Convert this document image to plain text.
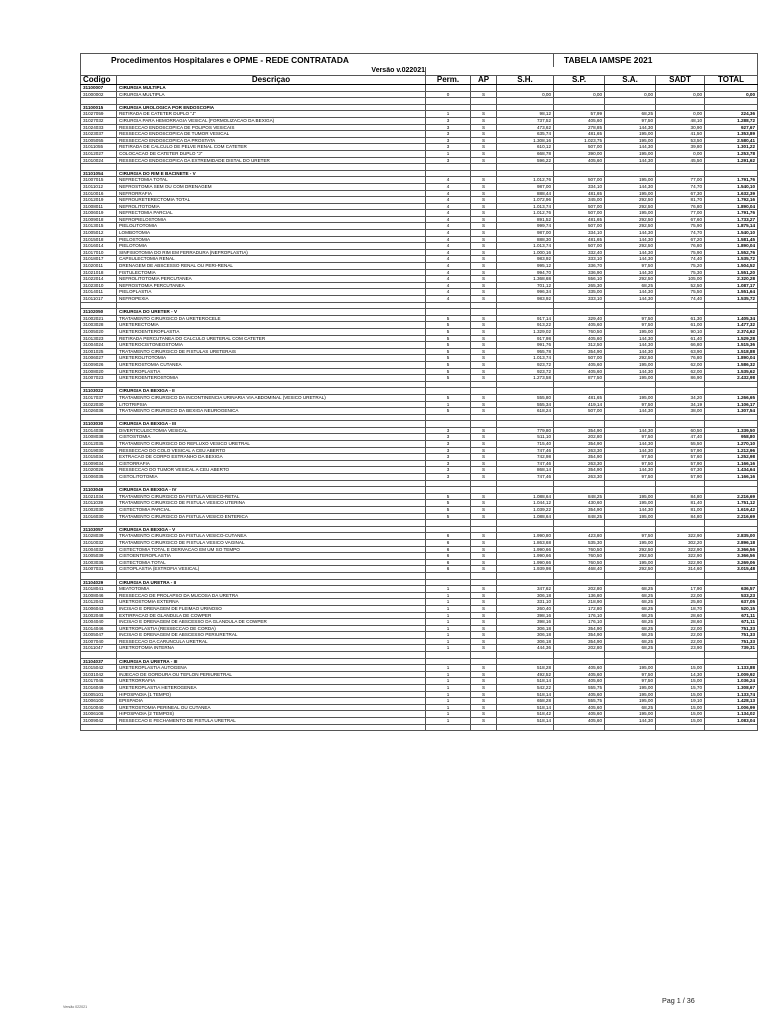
Procedimentos Hospitalares e OPME - REDE CONTRATADA					TABELA IAMSPE 2021			
Versão v.022021								
Codigo	Descriçao	Perm.	AP	S.H.	S.P.	S.A.	SADT	TOTAL
31100007	CIRURGIA MULTIPLA							
31000002	CIRURGIA MULTIPLA	0	S	0,00	0,00	0,00	0,00	0,00

31100015	CIRURGIA UROLOGICA POR ENDOSCOPIA							
31027059	RETIRADA DE CATETER DUPLO "J"	1	S	98,12	57,99	68,25	0,00	224,36
31027032	CIRURGIA PARA HEMORRAGIA VESICAL (FORMOLIZACAO DA BEXIGA)	3	S	737,52	405,60	97,50	48,10	1.288,72
31024033	RESSECCAO ENDOSCOPICA DE POLIPOS VESICAIS	3	S	473,62	278,85	144,30	30,90	927,67
31023037	RESSECCAO ENDOSCOPICA DE TUMOR VESICAL	3	S	635,74	481,65	195,00	41,50	1.353,89
31005055	RESSECCAO ENDOSCOPICA DA PROSTATA	3	S	1.308,16	1.023,75	195,00	53,50	2.580,41
31011055	RETIRADA DE CALCULO DE PELVE RENAL COM CATETER	3	S	610,12	507,00	144,30	39,80	1.301,22
31012027	COLOCACAO DE CATETER DUPLO "J"	1	S	668,78	390,00	195,00	0,00	1.253,78
31010024	RESSECCAO ENDOSCOPICA DA EXTREMIDADE DISTAL DO URETER	3	S	596,22	405,60	144,30	45,50	1.291,62

31101054	CIRURGIA DO RIM E BACINETE - V							
31007015	NEFRECTOMIA TOTAL	4	S	1.012,76	507,00	195,00	77,00	1.791,76
31011012	NEFROSTOMIA SEM OU COM DRENAGEM	4	S	987,00	334,10	144,30	74,70	1.540,10
31010016	NEFRORRAFIA	4	S	888,44	481,65	195,00	67,30	1.632,39
31012019	NEFROURETERECTOMIA TOTAL	4	S	1.072,96	345,00	292,50	81,70	1.792,16
31008011	NEFROLITOTOMIA	4	S	1.013,74	507,00	292,50	76,80	1.890,04
31006019	NEFRECTOMIA PARCIAL	4	S	1.012,76	507,00	195,00	77,00	1.791,76
31009018	NEFROPIELOSTOMIA	4	S	891,52	481,65	292,50	67,60	1.733,27
31013015	PIELOLITOTOMIA	4	S	999,74	507,00	292,50	75,90	1.875,14
31005012	LOMBOTOMIA	4	S	987,00	334,10	144,30	74,70	1.540,10
31015018	PIELOSTOMIA	4	S	888,30	481,65	144,30	67,20	1.581,45
31016014	PIELOTOMIA	4	S	1.013,74	507,00	292,50	76,80	1.890,04
31017010	SINFISIOTOMIA DO RIM EM FERRADURA (NEFROPLASTIA)	4	S	1.000,16	332,40	144,30	75,90	1.552,76
31018017	CAPSULECTOMIA RENAL	4	S	983,92	333,10	144,30	74,40	1.535,72
31020011	DRENAGEM DE ABSCESSO RENAL OU PERI-RENAL	4	S	995,12	336,70	97,50	75,20	1.504,52
31021018	FISTULECTOMIA	4	S	994,70	336,90	144,30	75,30	1.551,20
31022014	NEFROLITOTOMIA PERCUTANEA	4	S	1.368,68	556,10	292,50	105,00	2.320,28
31023010	NEFROSTOMIA PERCUTANEA	4	S	701,12	265,30	68,25	52,50	1.087,17
31014011	PIELOPLASTIA	4	S	996,34	335,00	144,30	75,50	1.551,64
31011017	NEFROPEXIA	4	S	983,92	333,10	144,30	74,40	1.535,72

31102050	CIRURGIA DO URETER - V							
31002021	TRATAMENTO CIRURGICO DA URETEROCELE	5	S	917,14	329,40	97,50	61,30	1.405,34
31003028	URETERECTOMIA	5	S	913,22	405,60	97,50	61,00	1.477,32
31005020	URETEROENTEROPLASTIA	5	S	1.329,02	760,50	195,00	90,10	2.374,62
31013023	RETIRADA PERCUTANEA DO CALCULO URETERAL COM CATETER	5	S	917,98	405,60	144,30	61,40	1.529,28
31004024	URETEROCISTONEOSTOMIA	5	S	991,76	312,50	144,30	66,80	1.515,36
31001025	TRATAMENTO CIRURGICO DE FISTULAS URETERAIS	5	S	955,78	354,90	144,30	63,90	1.518,88
31006027	URETEROLITOTOMIA	5	S	1.013,74	507,00	292,50	76,80	1.890,04
31009026	URETEROSTOMIA CUTANEA	5	S	923,72	405,60	195,00	62,00	1.586,32
31008020	URETEROPLASTIA	5	S	923,72	405,60	144,30	62,00	1.535,62
31007023	URETEROENTEROSTOMIA	5	S	1.273,58	877,50	195,00	86,90	2.432,98

31103022	CIRURGIA DA BEXIGA - II							
31017037	TRATAMENTO CIRURGICO DA INCONTINENCIA URINARIA VIA ABDOMINAL (VESICO URETRAL)	5	S	555,80	481,65	195,00	34,20	1.266,65
31022030	LITOTRIPSIA	1	S	555,34	419,14	97,50	34,19	1.106,17
31026036	TRATAMENTO CIRURGICO DA BEXIGA NEUROGENICA	5	S	618,24	507,00	144,30	38,00	1.307,54

31103030	CIRURGIA DA BEXIGA - III							
31014038	DIVERTICULECTOMIA VESICAL	3	S	779,80	354,90	144,30	60,50	1.339,50
31008038	CISTOSTOMIA	3	S	511,10	202,80	97,50	47,40	958,80
31012035	TRATAMENTO CIRURGICO DO REFLUXO VESICO URETRAL	3	S	715,40	354,90	144,30	55,50	1.270,10
31019030	RESSECCAO DO COLO VESICAL A CEU ABERTO	3	S	747,46	263,30	144,30	57,90	1.212,96
31015034	EXTRACAO DE CORPO ESTRANHO DA BEXIGA	3	S	742,98	354,90	97,50	57,60	1.252,98
31009034	CISTORRAFIA	3	S	747,46	263,30	97,50	57,90	1.166,16
31020026	RESSECCAO DO TUMOR VESICAL A CEU ABERTO	3	S	868,14	354,90	144,30	67,30	1.434,64
31006035	CISTOLITOTOMIA	3	S	747,46	263,30	97,50	57,90	1.166,16

31103049	CIRURGIA DA BEXIGA - IV							
31021034	TRATAMENTO CIRURGICO DA FISTULA VESICO-RETAL	5	S	1.088,64	848,25	195,00	84,80	2.216,69
31011039	TRATAMENTO CIRURGICO DE FISTULA VESICO UTERINA	5	S	1.044,12	430,60	195,00	81,40	1.751,12
31002030	CISTECTOMIA PARCIAL	5	S	1.039,22	354,90	144,30	81,00	1.619,42
31016030	TRATAMENTO CIRURGICO DA FISTULA VESICO ENTERICA	5	S	1.088,64	848,25	195,00	84,80	2.216,69

31103057	CIRURGIA DA BEXIGA - V							
31028039	TRATAMENTO CIRURGICO DA FISTULA VESICO-CUTANEA	6	S	1.990,80	423,80	97,50	322,90	2.835,00
31010032	TRATAMENTO CIRURGICO DE FISTULA VESICO VAGINAL	6	S	1.863,68	535,30	195,00	302,20	2.896,18
31004032	CISTECTOMIA TOTAL E DERIVACAO EM UM SO TEMPO	6	S	1.990,66	760,50	292,50	322,90	3.366,56
31005039	CISTOENTEROPLASTIA	6	S	1.990,66	760,50	292,50	322,90	3.366,56
31003036	CISTECTOMIA TOTAL	6	S	1.990,66	760,50	195,00	322,90	3.269,06
31007031	CISTOPLASTIA (EXTROFIA VESICAL)	6	S	1.939,98	468,40	292,50	314,60	3.015,48

31104029	CIRURGIA DA URETRA - II							
31018041	MEATOTOMIA	1	S	347,62	202,80	68,25	17,90	636,57
31008046	RESSECCAO DE PROLAPSO DA MUCOSA DA URETRA	1	S	306,18	136,80	68,25	22,00	533,23
31012043	URETROSTOMIA EXTERNA	1	S	331,10	218,90	68,25	25,80	637,05
31006043	INCISAO E DRENAGEM DE FLEIMAO URINOSO	1	S	260,40	172,80	68,25	18,70	520,15
31002048	EXTIRPACAO DE GLANDULA DE COWPER	1	S	398,16	176,10	68,25	28,60	671,11
31004040	INCISAO E DRENAGEM DE ABSCESSO DA GLANDULA DE COWPER	1	S	398,16	176,10	68,25	28,60	671,11
31014046	URETROPLASTIA (RESSECCAO DE CORDA)	1	S	306,18	354,90	68,25	22,00	751,33
31005047	INCISAO E DRENAGEM DE ABSCESSO PERIURETRAL	1	S	306,18	354,90	68,25	22,00	751,33
31007040	RESSECCAO DA CARUNCULA URETRAL	1	S	306,18	354,90	68,25	22,00	751,33
31011047	URETROTOMIA INTERNA	1	S	444,36	202,80	68,25	23,90	739,31

31104037	CIRURGIA DA URETRA - III							
31015042	URETEROPLASTIA AUTOGENA	1	S	518,28	405,60	195,00	15,00	1.133,88
31031042	INJECAO DE GORDURA OU TEFLON PERIURETRAL	1	S	492,52	405,60	97,50	14,30	1.009,92
31017045	URETRORRAFIA	1	S	518,14	405,60	97,50	15,00	1.036,24
31016049	URETEROPLASTIA HETEROGENEA	1	S	542,22	555,75	195,00	15,70	1.308,67
31005101	HIPOSPADIA (1 TEMPO)	1	S	518,14	405,60	195,00	15,00	1.133,74
31006100	EPISPADIA	1	S	658,28	555,75	195,00	19,10	1.428,13
31010040	URETROSTOMIA PERINEAL OU CUTANEA	1	S	518,14	405,60	68,25	15,00	1.006,99
31006108	HIPOSPADIA (2 TEMPOS)	1	S	518,42	405,60	195,00	15,00	1.134,02
31009042	RESSECCAO E FECHAMENTO DE FISTULA URETRAL	1	S	518,14	405,60	144,30	15,00	1.083,04

Versão 022021
Pag 1 / 36
